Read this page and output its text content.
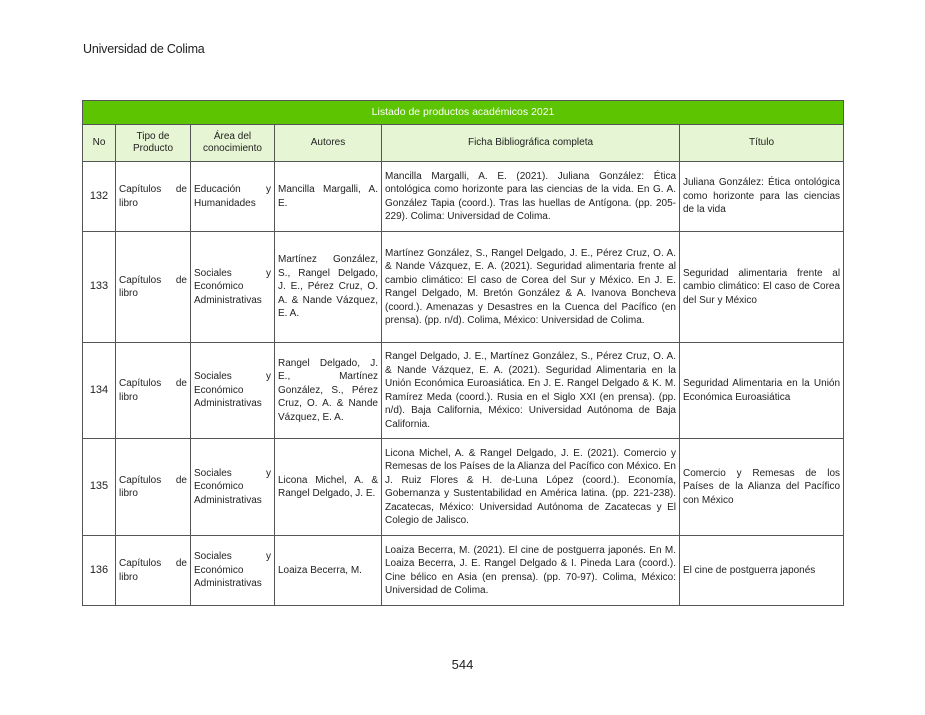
Universidad de Colima
Listado de productos académicos 2021					
No	Tipo de Producto	Área del conocimiento	Autores	Ficha Bibliográfica completa	Título
132	Capítulos de libro	Educación y Humanidades	Mancilla Margalli, A. E.	Mancilla Margalli, A. E. (2021). Juliana González: Ética ontológica como horizonte para las ciencias de la vida. En G. A. González Tapia (coord.). Tras las huellas de Antígona. (pp. 205-229). Colima: Universidad de Colima.	Juliana González: Ética ontológica como horizonte para las ciencias de la vida
133	Capítulos de libro	Sociales y Económico Administrativas	Martínez González, S., Rangel Delgado, J. E., Pérez Cruz, O. A. & Nande Vázquez, E. A.	Martínez González, S., Rangel Delgado, J. E., Pérez Cruz, O. A. & Nande Vázquez, E. A. (2021). Seguridad alimentaria frente al cambio climático: El caso de Corea del Sur y México. En J. E. Rangel Delgado, M. Bretón González & A. Ivanova Boncheva (coord.). Amenazas y Desastres en la Cuenca del Pacífico (en prensa). (pp. n/d). Colima, México: Universidad de Colima.	Seguridad alimentaria frente al cambio climático: El caso de Corea del Sur y México
134	Capítulos de libro	Sociales y Económico Administrativas	Rangel Delgado, J. E., Martínez González, S., Pérez Cruz, O. A. & Nande Vázquez, E. A.	Rangel Delgado, J. E., Martínez González, S., Pérez Cruz, O. A. & Nande Vázquez, E. A. (2021). Seguridad Alimentaria en la Unión Económica Euroasiática. En J. E. Rangel Delgado & K. M. Ramírez Meda (coord.). Rusia en el Siglo XXI (en prensa). (pp. n/d). Baja California, México: Universidad Autónoma de Baja California.	Seguridad Alimentaria en la Unión Económica Euroasiática
135	Capítulos de libro	Sociales y Económico Administrativas	Licona Michel, A. & Rangel Delgado, J. E.	Licona Michel, A. & Rangel Delgado, J. E. (2021). Comercio y Remesas de los Países de la Alianza del Pacífico con México. En J. Ruiz Flores & H. de-Luna López (coord.). Economía, Gobernanza y Sustentabilidad en América latina. (pp. 221-238). Zacatecas, México: Universidad Autónoma de Zacatecas y El Colegio de Jalisco.	Comercio y Remesas de los Países de la Alianza del Pacífico con México
136	Capítulos de libro	Sociales y Económico Administrativas	Loaiza Becerra, M.	Loaiza Becerra, M. (2021). El cine de postguerra japonés. En M. Loaiza Becerra, J. E. Rangel Delgado & I. Pineda Lara (coord.). Cine bélico en Asia (en prensa). (pp. 70-97). Colima, México: Universidad de Colima.	El cine de postguerra japonés
544
